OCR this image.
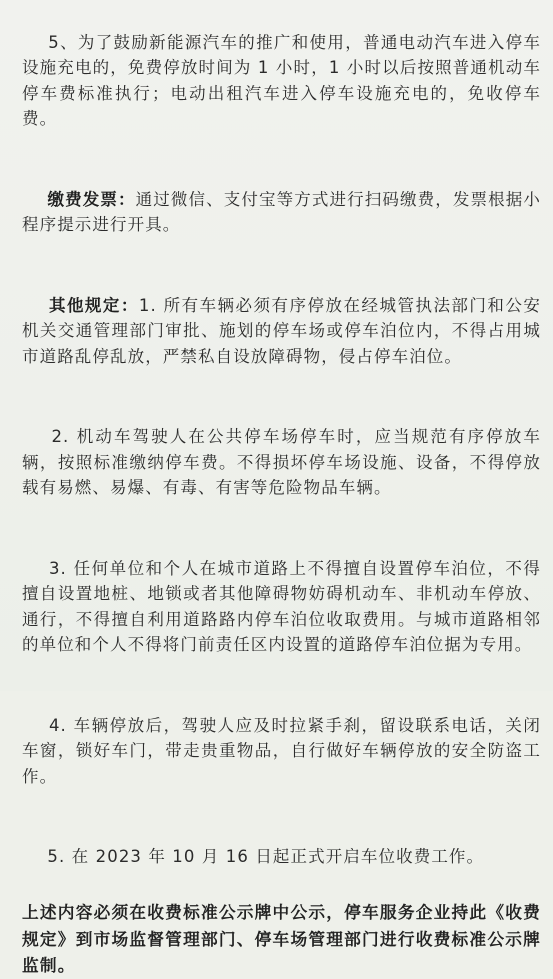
5、为了鼓励新能源汽车的推广和使用，普通电动汽车进入停车设施充电的，免费停放时间为 1 小时，1 小时以后按照普通机动车停车费标准执行；电动出租汽车进入停车设施充电的，免收停车费。

缴费发票：通过微信、支付宝等方式进行扫码缴费，发票根据小程序提示进行开具。

其他规定：1. 所有车辆必须有序停放在经城管执法部门和公安机关交通管理部门审批、施划的停车场或停车泊位内，不得占用城市道路乱停乱放，严禁私自设放障碍物，侵占停车泊位。

2. 机动车驾驶人在公共停车场停车时，应当规范有序停放车辆，按照标准缴纳停车费。不得损坏停车场设施、设备，不得停放载有易燃、易爆、有毒、有害等危险物品车辆。

3. 任何单位和个人在城市道路上不得擅自设置停车泊位，不得擅自设置地桩、地锁或者其他障碍物妨碍机动车、非机动车停放、通行，不得擅自利用道路路内停车泊位收取费用。与城市道路相邻的单位和个人不得将门前责任区内设置的道路停车泊位据为专用。

4. 车辆停放后，驾驶人应及时拉紧手刹，留设联系电话，关闭车窗，锁好车门，带走贵重物品，自行做好车辆停放的安全防盗工作。

5. 在 2023 年 10 月 16 日起正式开启车位收费工作。

上述内容必须在收费标准公示牌中公示，停车服务企业持此《收费规定》到市场监督管理部门、停车场管理部门进行收费标准公示牌监制。
